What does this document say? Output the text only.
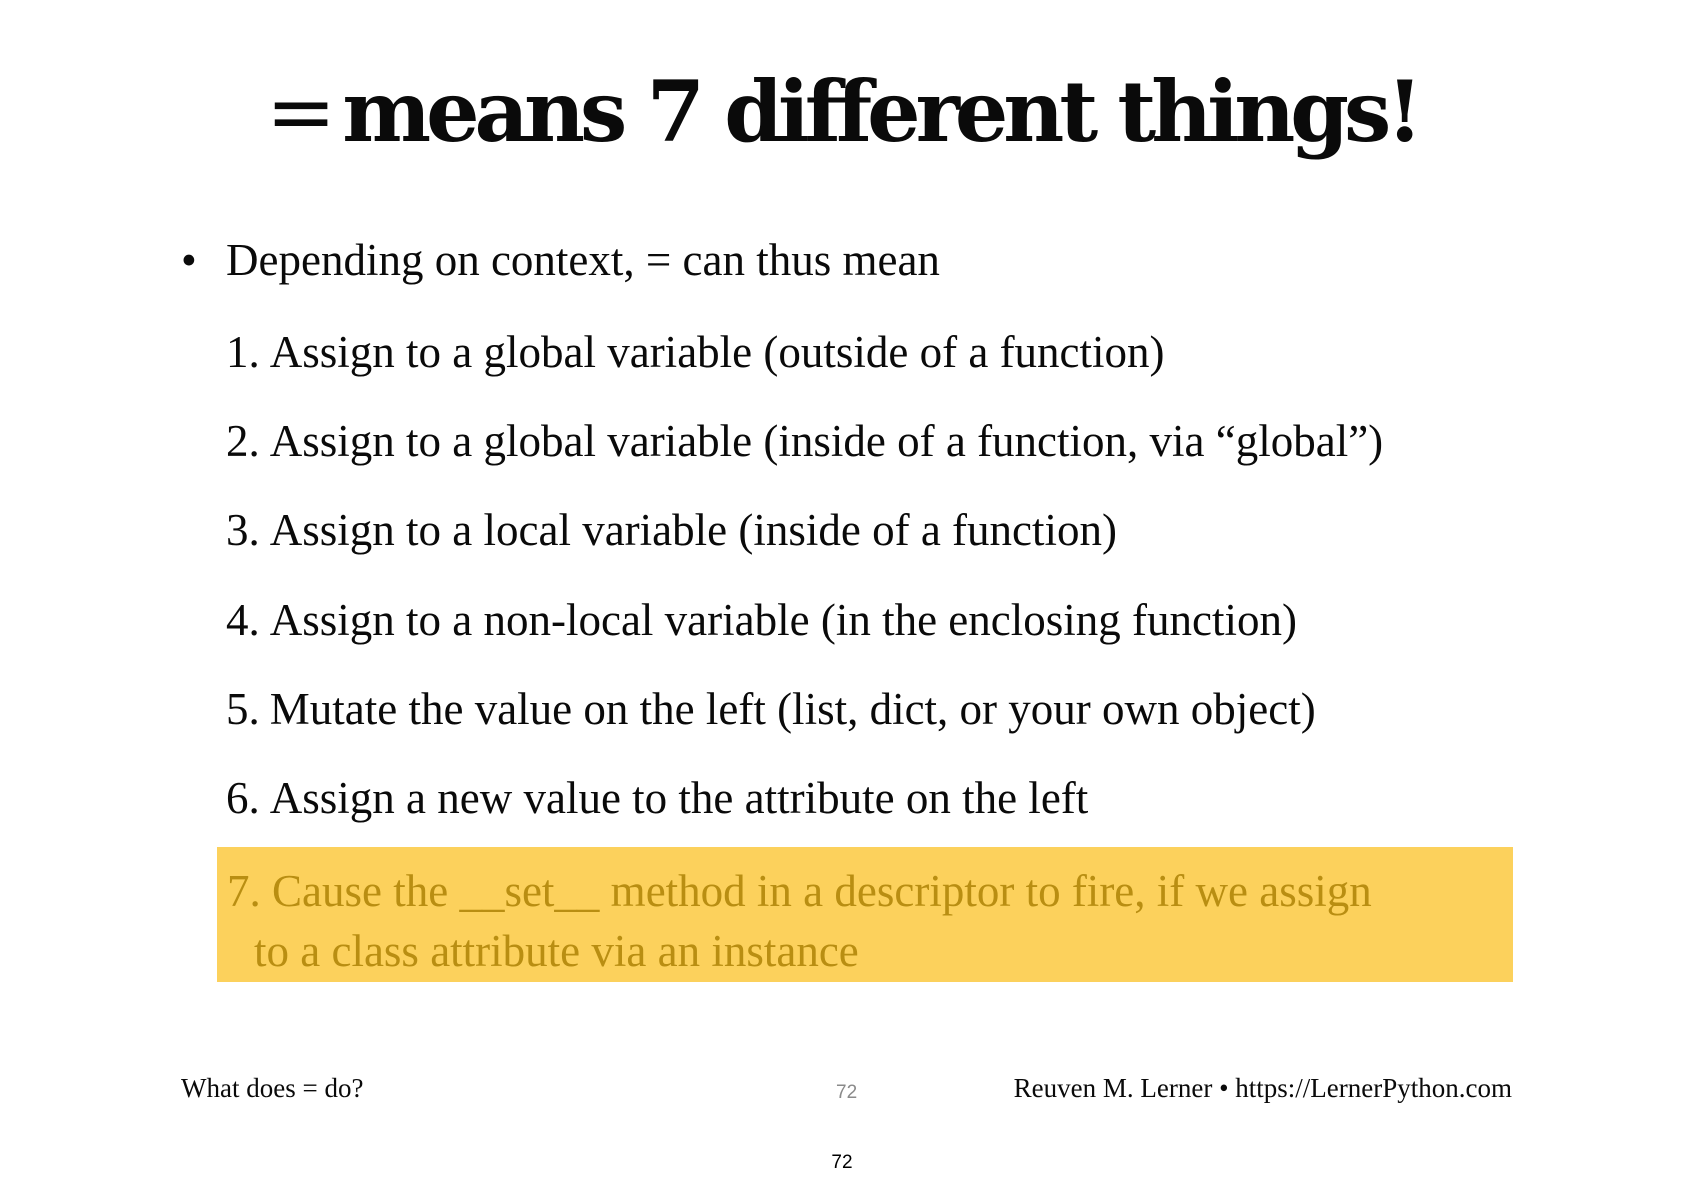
=means 7 different things!
• Depending on context, = can thus mean
1. Assign to a global variable (outside of a function)
2. Assign to a global variable (inside of a function, via “global”)
3. Assign to a local variable (inside of a function)
4. Assign to a non-local variable (in the enclosing function)
5. Mutate the value on the left (list, dict, or your own object)
6. Assign a new value to the attribute on the left
7. Cause the __set__ method in a descriptor to fire, if we assign
to a class attribute via an instance
What does = do?	72	Reuven M. Lerner • https://LernerPython.com
72
